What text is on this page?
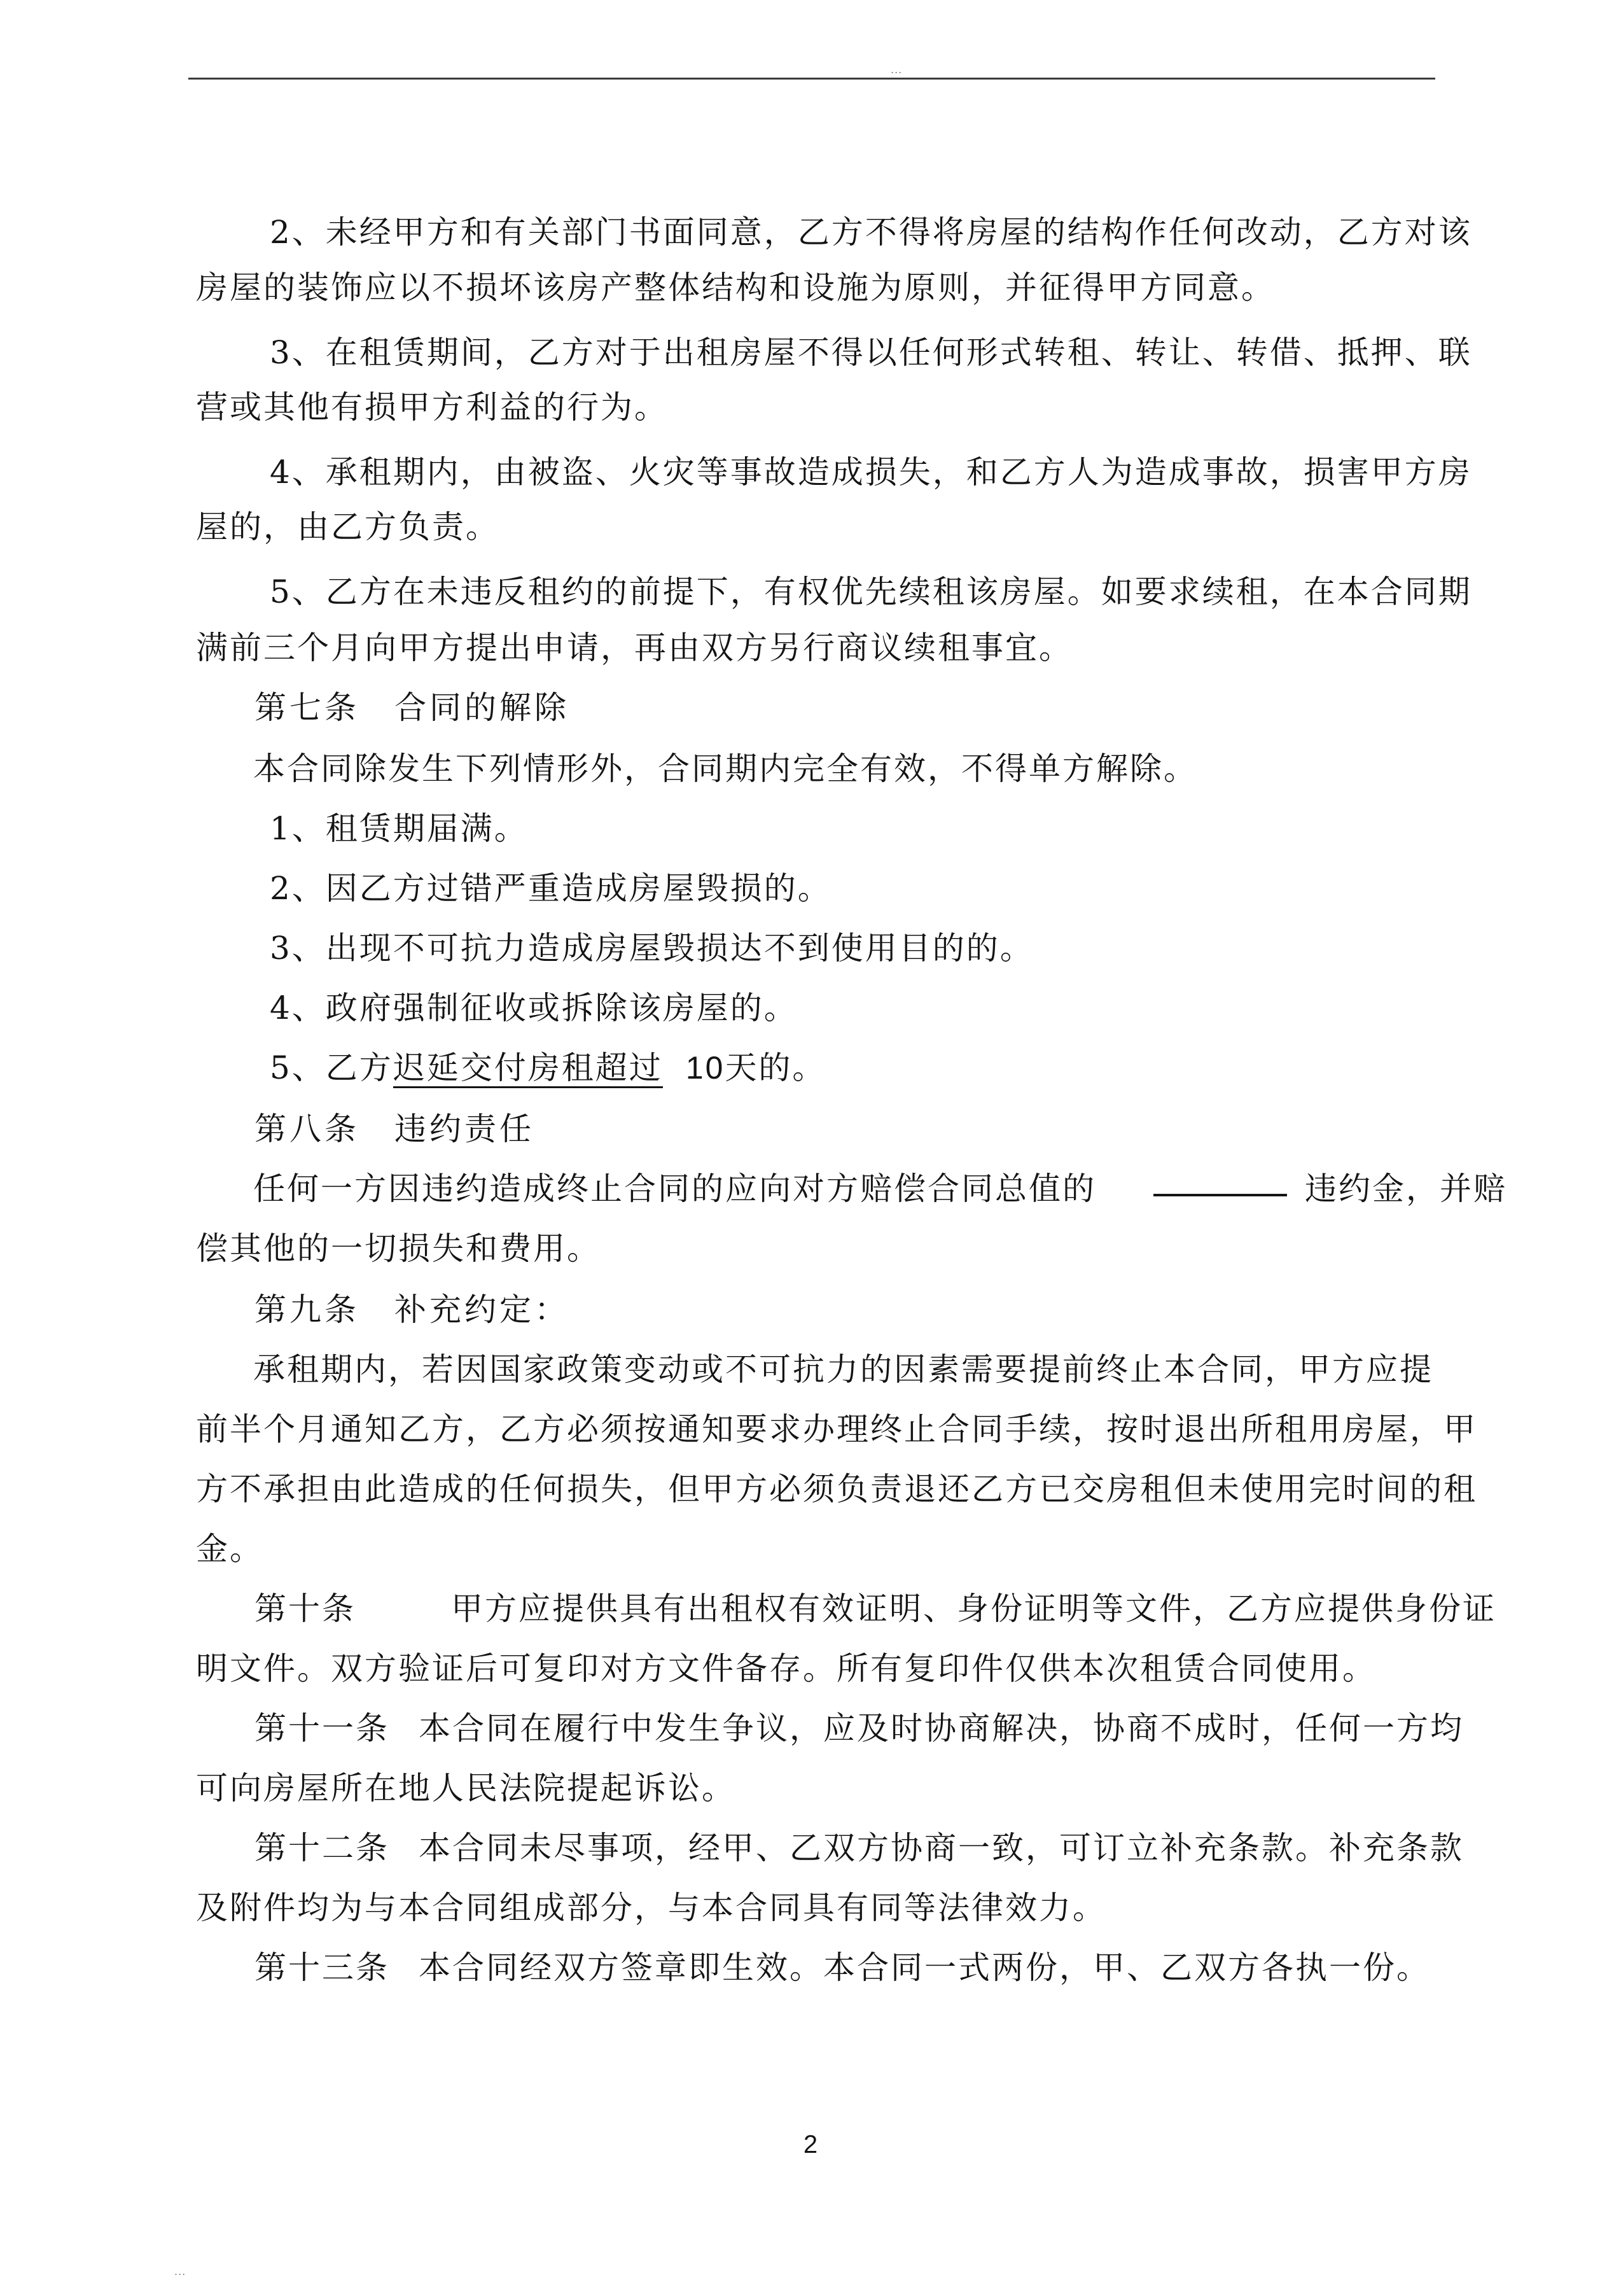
...
2、未经甲方和有关部门书面同意，乙方不得将房屋的结构作任何改动，乙方对该
房屋的装饰应以不损坏该房产整体结构和设施为原则，并征得甲方同意。
3、在租赁期间，乙方对于出租房屋不得以任何形式转租、转让、转借、抵押、联
营或其他有损甲方利益的行为。
4、承租期内，由被盗、火灾等事故造成损失，和乙方人为造成事故，损害甲方房
屋的，由乙方负责。
5、乙方在未违反租约的前提下，有权优先续租该房屋。如要求续租，在本合同期
满前三个月向甲方提出申请，再由双方另行商议续租事宜。
第七条　合同的解除
本合同除发生下列情形外，合同期内完全有效，不得单方解除。
1、租赁期届满。
2、因乙方过错严重造成房屋毁损的。
3、出现不可抗力造成房屋毁损达不到使用目的的。
4、政府强制征收或拆除该房屋的。
5、乙方迟延交付房租超过 10天的。
第八条　违约责任
任何一方因违约造成终止合同的应向对方赔偿合同总值的	违约金，并赔
偿其他的一切损失和费用。
第九条　补充约定：
承租期内，若因国家政策变动或不可抗力的因素需要提前终止本合同，甲方应提
前半个月通知乙方，乙方必须按通知要求办理终止合同手续，按时退出所租用房屋，甲
方不承担由此造成的任何损失，但甲方必须负责退还乙方已交房租但未使用完时间的租
金。
第十条	甲方应提供具有出租权有效证明、身份证明等文件，乙方应提供身份证
明文件。双方验证后可复印对方文件备存。所有复印件仅供本次租赁合同使用。
第十一条 本合同在履行中发生争议，应及时协商解决，协商不成时，任何一方均
可向房屋所在地人民法院提起诉讼。
第十二条 本合同未尽事项，经甲、乙双方协商一致，可订立补充条款。补充条款
及附件均为与本合同组成部分，与本合同具有同等法律效力。
第十三条 本合同经双方签章即生效。本合同一式两份，甲、乙双方各执一份。
2
...
